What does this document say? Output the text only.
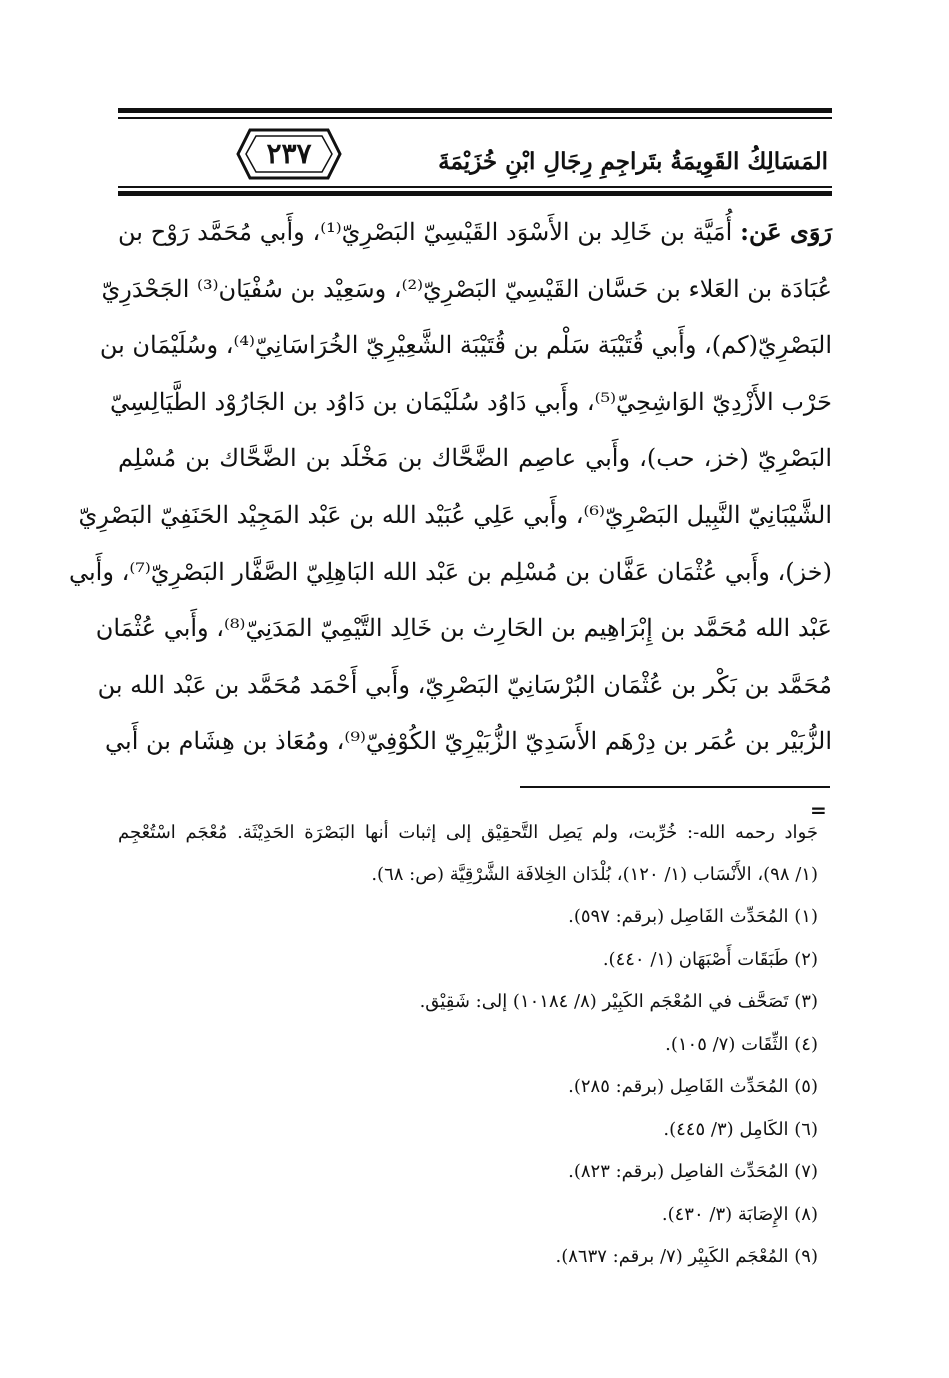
٢٣٧	المَسَالِكُ القَوِيمَةُ بتَراجِمِ رِجَالِ ابْنِ خُزَيْمَةَ
رَوَى عَن: أُمَيَّة بن خَالِد بن الأَسْوَد القَيْسِيّ البَصْرِيّ⁽¹⁾، وأَبي مُحَمَّد رَوْح بن
عُبَادَة بن العَلاء بن حَسَّان القَيْسِيّ البَصْرِيّ⁽²⁾، وسَعِيْد بن سُفْيَان⁽³⁾ الجَحْدَرِيّ
البَصْرِيّ(كم)، وأَبي قُتَيْبَة سَلْم بن قُتَيْبَة الشَّعِيْرِيّ الخُرَاسَانِيّ⁽⁴⁾، وسُلَيْمَان بن
حَرْب الأَزْدِيّ الوَاشِحِيّ⁽⁵⁾، وأَبي دَاوُد سُلَيْمَان بن دَاوُد بن الجَارُوْد الطَّيَالِسِيّ
البَصْرِيّ (خز، حب)، وأَبي عاصِم الضَّحَّاك بن مَخْلَد بن الضَّحَّاك بن مُسْلِم
الشَّيْبَانِيّ النَّبِيل البَصْرِيّ⁽⁶⁾، وأَبي عَلِي عُبَيْد الله بن عَبْد المَجِيْد الحَنَفِيّ البَصْرِيّ
(خز)، وأَبي عُثْمَان عَفَّان بن مُسْلِم بن عَبْد الله البَاهِلِيّ الصَّفَّار البَصْرِيّ⁽⁷⁾، وأَبي
عَبْد الله مُحَمَّد بن إِبْرَاهِيم بن الحَارِث بن خَالِد التَّيْمِيّ المَدَنِيّ⁽⁸⁾، وأَبي عُثْمَان
مُحَمَّد بن بَكْر بن عُثْمَان البُرْسَانِيّ البَصْرِيّ، وأَبي أَحْمَد مُحَمَّد بن عَبْد الله بن
الزُّبَيْر بن عُمَر بن دِرْهَم الأَسَدِيّ الزُّبَيْرِيّ الكُوْفِيّ⁽⁹⁾، ومُعَاذ بن هِشَام بن أَبي
=
جَواد رحمه الله-: خُرِّبت، ولم يَصِل التَّحقِيْق إلى إثبات أنها البَصْرَة الحَدِيْثَة. مُعْجَم اسْتُعْجِم
(١/ ٩٨)، الأَنْسَاب (١/ ١٢٠)، بُلْدَان الخِلافَة الشَّرْقِيَّة (ص: ٦٨).
(١) المُحَدِّث الفَاصِل (برقم: ٥٩٧).
(٢) طَبَقَات أَصْبَهَان (١/ ٤٤٠).
(٣) تَصَحَّف في المُعْجَم الكَبِيْر (٨/ ١٠١٨٤) إلى: شَقِيْق.
(٤) الثِّقَات (٧/ ١٠٥).
(٥) المُحَدِّث الفَاصِل (برقم: ٢٨٥).
(٦) الكَامِل (٣/ ٤٤٥).
(٧) المُحَدِّث الفاصِل (برقم: ٨٢٣).
(٨) الإِصَابَة (٣/ ٤٣٠).
(٩) المُعْجَم الكَبِيْر (٧/ برقم: ٨٦٣٧).
